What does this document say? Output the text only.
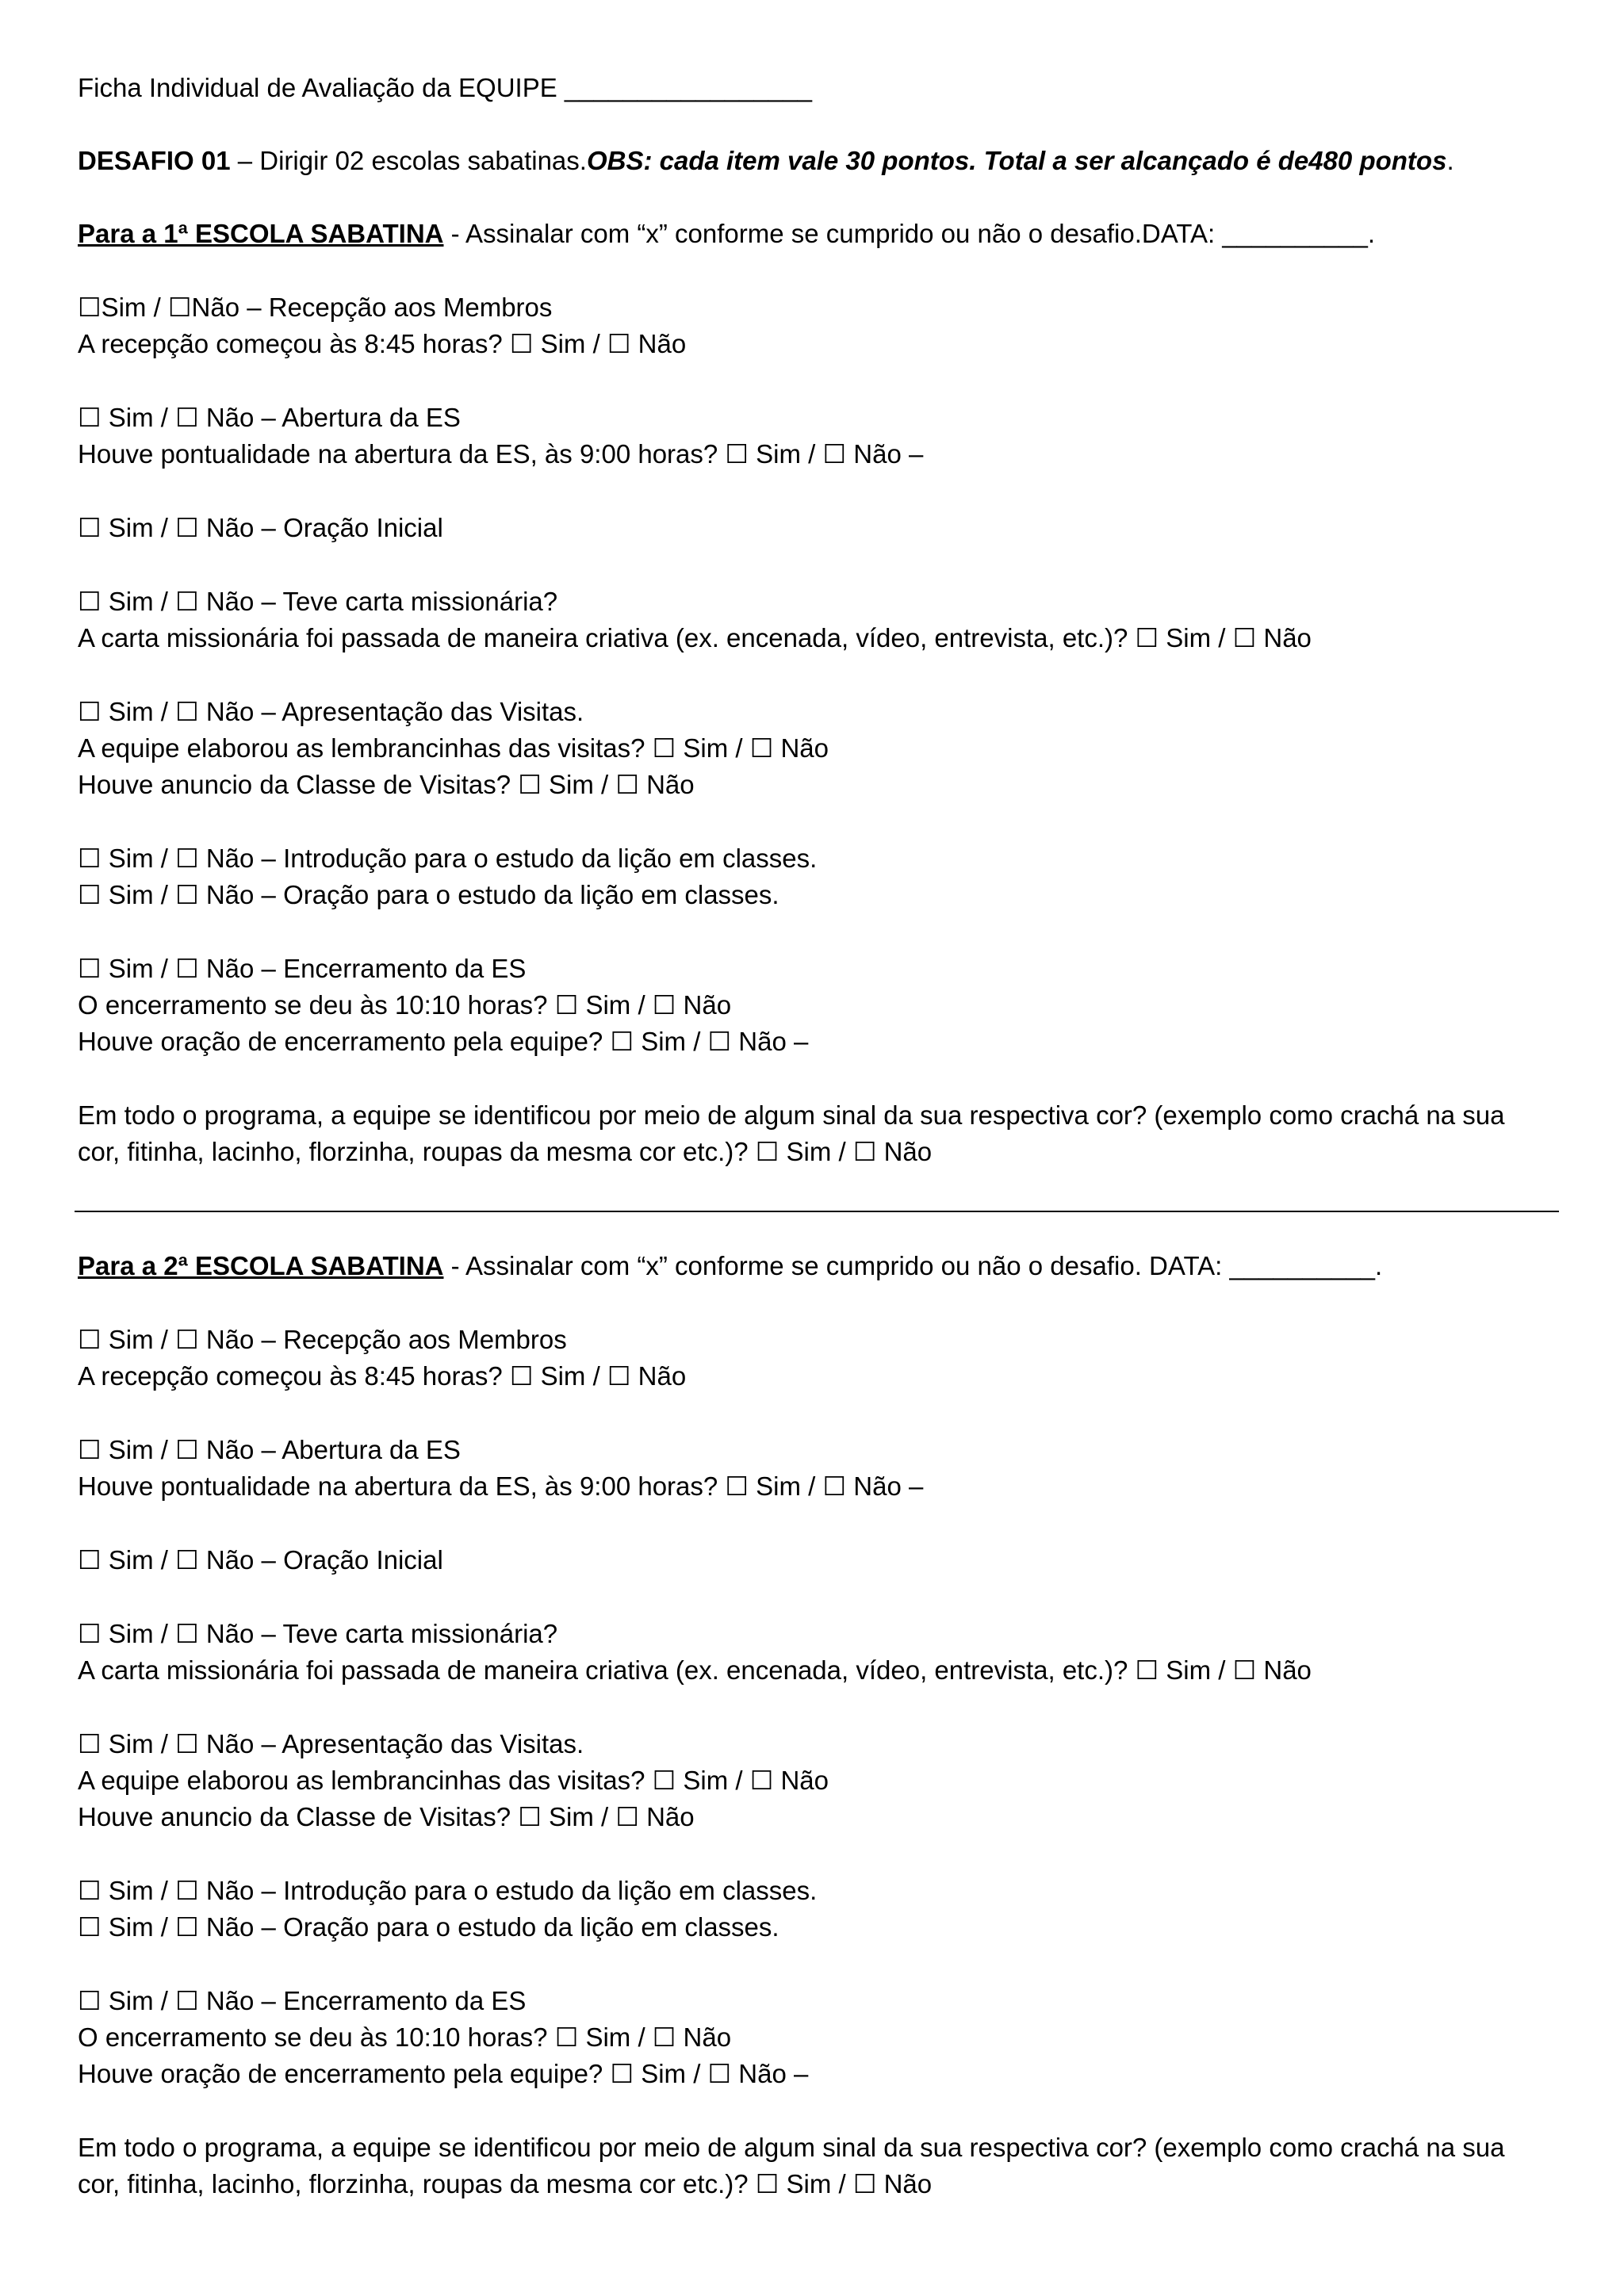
Ficha Individual de Avaliação da EQUIPE _________________
DESAFIO 01 – Dirigir 02 escolas sabatinas.OBS: cada item vale 30 pontos. Total a ser alcançado é de480 pontos.
Para a 1ª ESCOLA SABATINA - Assinalar com “x” conforme se cumprido ou não o desafio.DATA: __________.
☐Sim / ☐Não – Recepção aos Membros
A recepção começou às 8:45 horas? ☐ Sim / ☐ Não
☐ Sim / ☐ Não – Abertura da ES
Houve pontualidade na abertura da ES, às 9:00 horas? ☐ Sim / ☐ Não –
☐ Sim / ☐ Não – Oração Inicial
☐ Sim / ☐ Não – Teve carta missionária?
A carta missionária foi passada de maneira criativa (ex. encenada, vídeo, entrevista, etc.)? ☐ Sim / ☐ Não
☐ Sim / ☐ Não – Apresentação das Visitas.
A equipe elaborou as lembrancinhas das visitas? ☐ Sim / ☐ Não
Houve anuncio da Classe de Visitas? ☐ Sim / ☐ Não
☐ Sim / ☐ Não – Introdução para o estudo da lição em classes.
☐ Sim / ☐ Não – Oração para o estudo da lição em classes.
☐ Sim / ☐ Não – Encerramento da ES
O encerramento se deu às 10:10 horas? ☐ Sim / ☐ Não
Houve oração de encerramento pela equipe? ☐ Sim / ☐ Não –
Em todo o programa, a equipe se identificou por meio de algum sinal da sua respectiva cor? (exemplo como crachá na sua cor, fitinha, lacinho, florzinha, roupas da mesma cor etc.)? ☐ Sim / ☐ Não
Para a 2ª ESCOLA SABATINA - Assinalar com “x” conforme se cumprido ou não o desafio. DATA: __________.
☐ Sim / ☐ Não – Recepção aos Membros
A recepção começou às 8:45 horas? ☐ Sim / ☐ Não
☐ Sim / ☐ Não – Abertura da ES
Houve pontualidade na abertura da ES, às 9:00 horas? ☐ Sim / ☐ Não –
☐ Sim / ☐ Não – Oração Inicial
☐ Sim / ☐ Não – Teve carta missionária?
A carta missionária foi passada de maneira criativa (ex. encenada, vídeo, entrevista, etc.)? ☐ Sim / ☐ Não
☐ Sim / ☐ Não – Apresentação das Visitas.
A equipe elaborou as lembrancinhas das visitas? ☐ Sim / ☐ Não
Houve anuncio da Classe de Visitas? ☐ Sim / ☐ Não
☐ Sim / ☐ Não – Introdução para o estudo da lição em classes.
☐ Sim / ☐ Não – Oração para o estudo da lição em classes.
☐ Sim / ☐ Não – Encerramento da ES
O encerramento se deu às 10:10 horas? ☐ Sim / ☐ Não
Houve oração de encerramento pela equipe? ☐ Sim / ☐ Não –
Em todo o programa, a equipe se identificou por meio de algum sinal da sua respectiva cor? (exemplo como crachá na sua cor, fitinha, lacinho, florzinha, roupas da mesma cor etc.)? ☐ Sim / ☐ Não
